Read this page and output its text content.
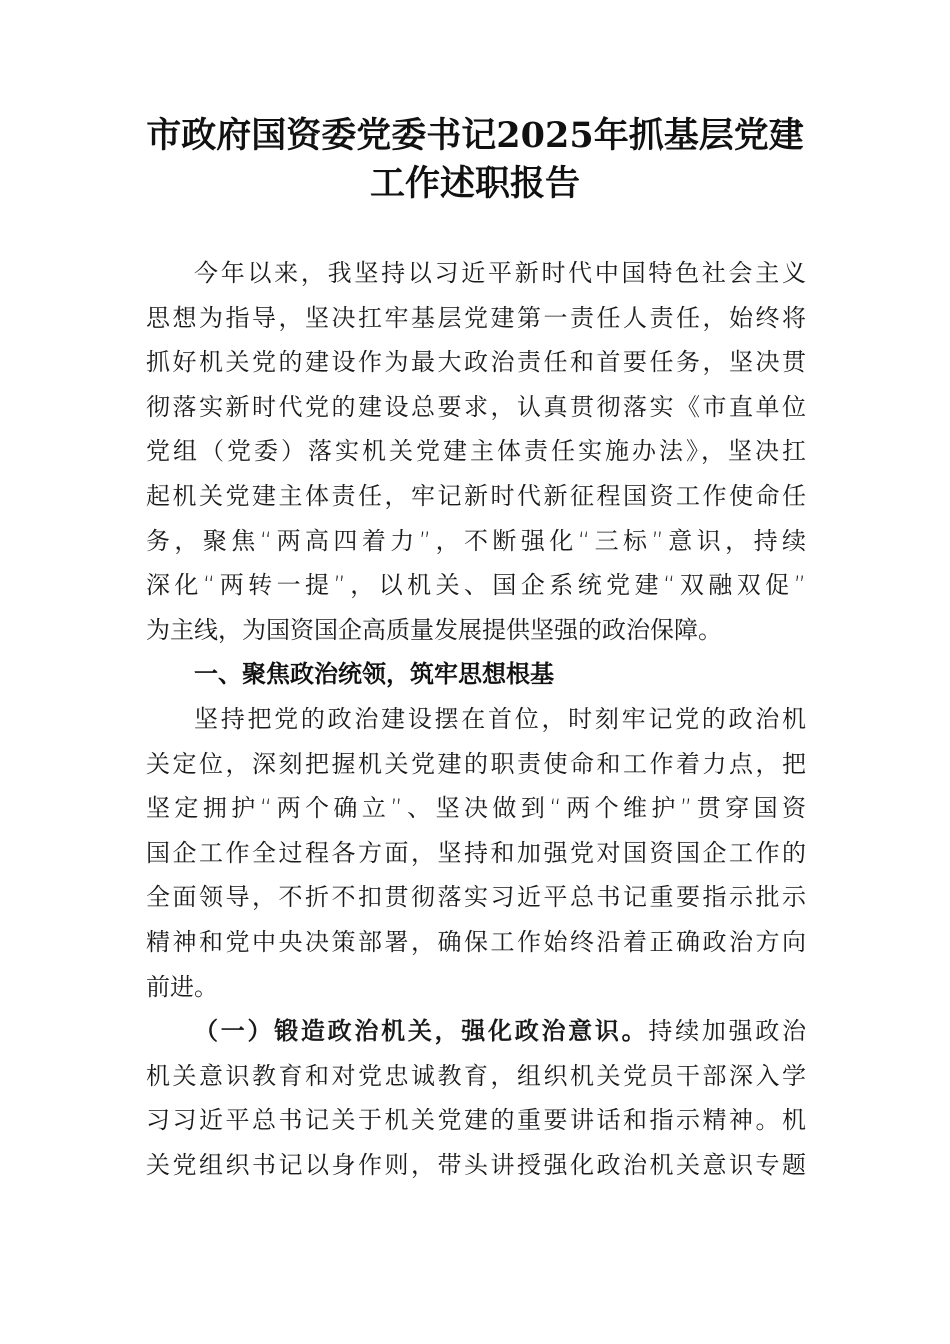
市政府国资委党委书记2025年抓基层党建
工作述职报告
今年以来，我坚持以习近平新时代中国特色社会主义
思想为指导，坚决扛牢基层党建第一责任人责任，始终将
抓好机关党的建设作为最大政治责任和首要任务，坚决贯
彻落实新时代党的建设总要求，认真贯彻落实《市直单位
党组（党委）落实机关党建主体责任实施办法》，坚决扛
起机关党建主体责任，牢记新时代新征程国资工作使命任
务，聚焦“两高四着力”，不断强化“三标”意识，持续
深化“两转一提”，以机关、国企系统党建“双融双促”
为主线，为国资国企高质量发展提供坚强的政治保障。
一、聚焦政治统领，筑牢思想根基
坚持把党的政治建设摆在首位，时刻牢记党的政治机
关定位，深刻把握机关党建的职责使命和工作着力点，把
坚定拥护“两个确立”、坚决做到“两个维护”贯穿国资
国企工作全过程各方面，坚持和加强党对国资国企工作的
全面领导，不折不扣贯彻落实习近平总书记重要指示批示
精神和党中央决策部署，确保工作始终沿着正确政治方向
前进。
（一）锻造政治机关，强化政治意识。持续加强政治
机关意识教育和对党忠诚教育，组织机关党员干部深入学
习习近平总书记关于机关党建的重要讲话和指示精神。机
关党组织书记以身作则，带头讲授强化政治机关意识专题
